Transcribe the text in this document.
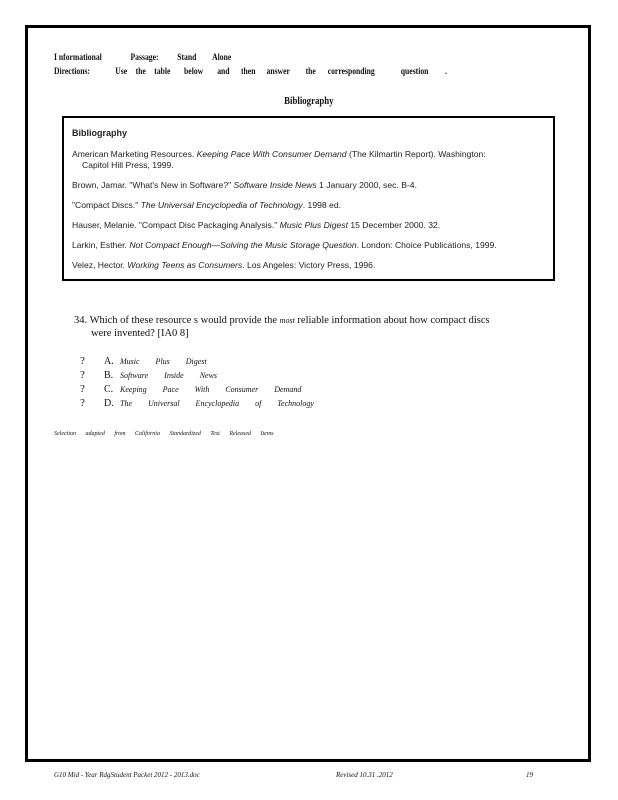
I nformational	Passage: Stand Alone
Directions:	Use the table below and then answer the corresponding	question .
Bibliography
Bibliography
American Marketing Resources. Keeping Pace With Consumer Demand (The Kilmartin Report). Washington:
Capitol Hill Press, 1999.
Brown, Jamar. "What's New in Software?" Software Inside News 1 January 2000, sec. B-4.
"Compact Discs." The Universal Encyclopedia of Technology. 1998 ed.
Hauser, Melanie. "Compact Disc Packaging Analysis." Music Plus Digest 15 December 2000. 32.
Larkin, Esther. Not Compact Enough—Solving the Music Storage Question. London: Choice Publications, 1999.
Velez, Hector. Working Teens as Consumers. Los Angeles: Victory Press, 1996.
34. Which of these resource s would provide the most reliable information about how compact discs
were invented? [IA0 8]
? A. Music Plus Digest
? B. Software Inside News
? C. Keeping Pace With Consumer Demand
? D. The Universal Encyclopedia of Technology
Selection adapted from California Standardized Test Released Items
G10 Mid - Year RdgStudent Packet 2012 - 2013.doc	Revised 10.31 .2012	19
